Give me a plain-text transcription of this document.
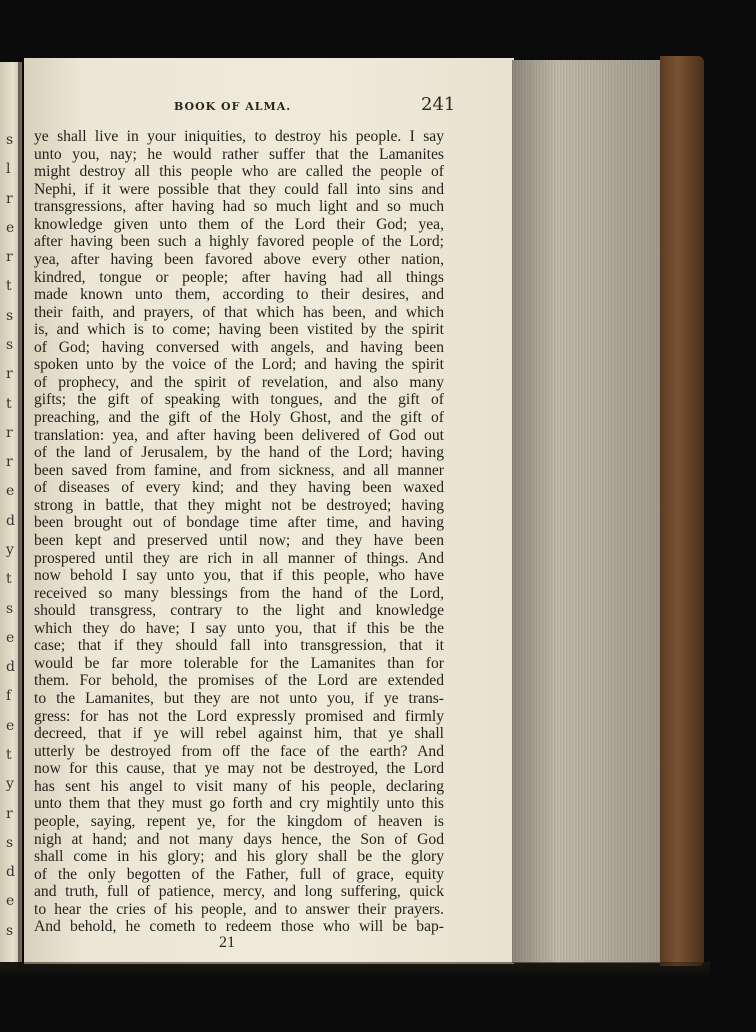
s
l
r
e
r
t
s
s
r
t
r
r
e
d
y
t
s
e
d
f
e
t
y
r
s
d
e
s
BOOK OF ALMA.	241
ye shall live in your iniquities, to destroy his people. I say
unto you, nay; he would rather suffer that the Lamanites
might destroy all this people who are called the people of
Nephi, if it were possible that they could fall into sins and
transgressions, after having had so much light and so much
knowledge given unto them of the Lord their God; yea,
after having been such a highly favored people of the Lord;
yea, after having been favored above every other nation,
kindred, tongue or people; after having had all things
made known unto them, according to their desires, and
their faith, and prayers, of that which has been, and which
is, and which is to come; having been vistited by the spirit
of God; having conversed with angels, and having been
spoken unto by the voice of the Lord; and having the spirit
of prophecy, and the spirit of revelation, and also many
gifts; the gift of speaking with tongues, and the gift of
preaching, and the gift of the Holy Ghost, and the gift of
translation: yea, and after having been delivered of God out
of the land of Jerusalem, by the hand of the Lord; having
been saved from famine, and from sickness, and all manner
of diseases of every kind; and they having been waxed
strong in battle, that they might not be destroyed; having
been brought out of bondage time after time, and having
been kept and preserved until now; and they have been
prospered until they are rich in all manner of things. And
now behold I say unto you, that if this people, who have
received so many blessings from the hand of the Lord,
should transgress, contrary to the light and knowledge
which they do have; I say unto you, that if this be the
case; that if they should fall into transgression, that it
would be far more tolerable for the Lamanites than for
them. For behold, the promises of the Lord are extended
to the Lamanites, but they are not unto you, if ye trans-
gress: for has not the Lord expressly promised and firmly
decreed, that if ye will rebel against him, that ye shall
utterly be destroyed from off the face of the earth? And
now for this cause, that ye may not be destroyed, the Lord
has sent his angel to visit many of his people, declaring
unto them that they must go forth and cry mightily unto this
people, saying, repent ye, for the kingdom of heaven is
nigh at hand; and not many days hence, the Son of God
shall come in his glory; and his glory shall be the glory
of the only begotten of the Father, full of grace, equity
and truth, full of patience, mercy, and long suffering, quick
to hear the cries of his people, and to answer their prayers.
And behold, he cometh to redeem those who will be bap-
21
